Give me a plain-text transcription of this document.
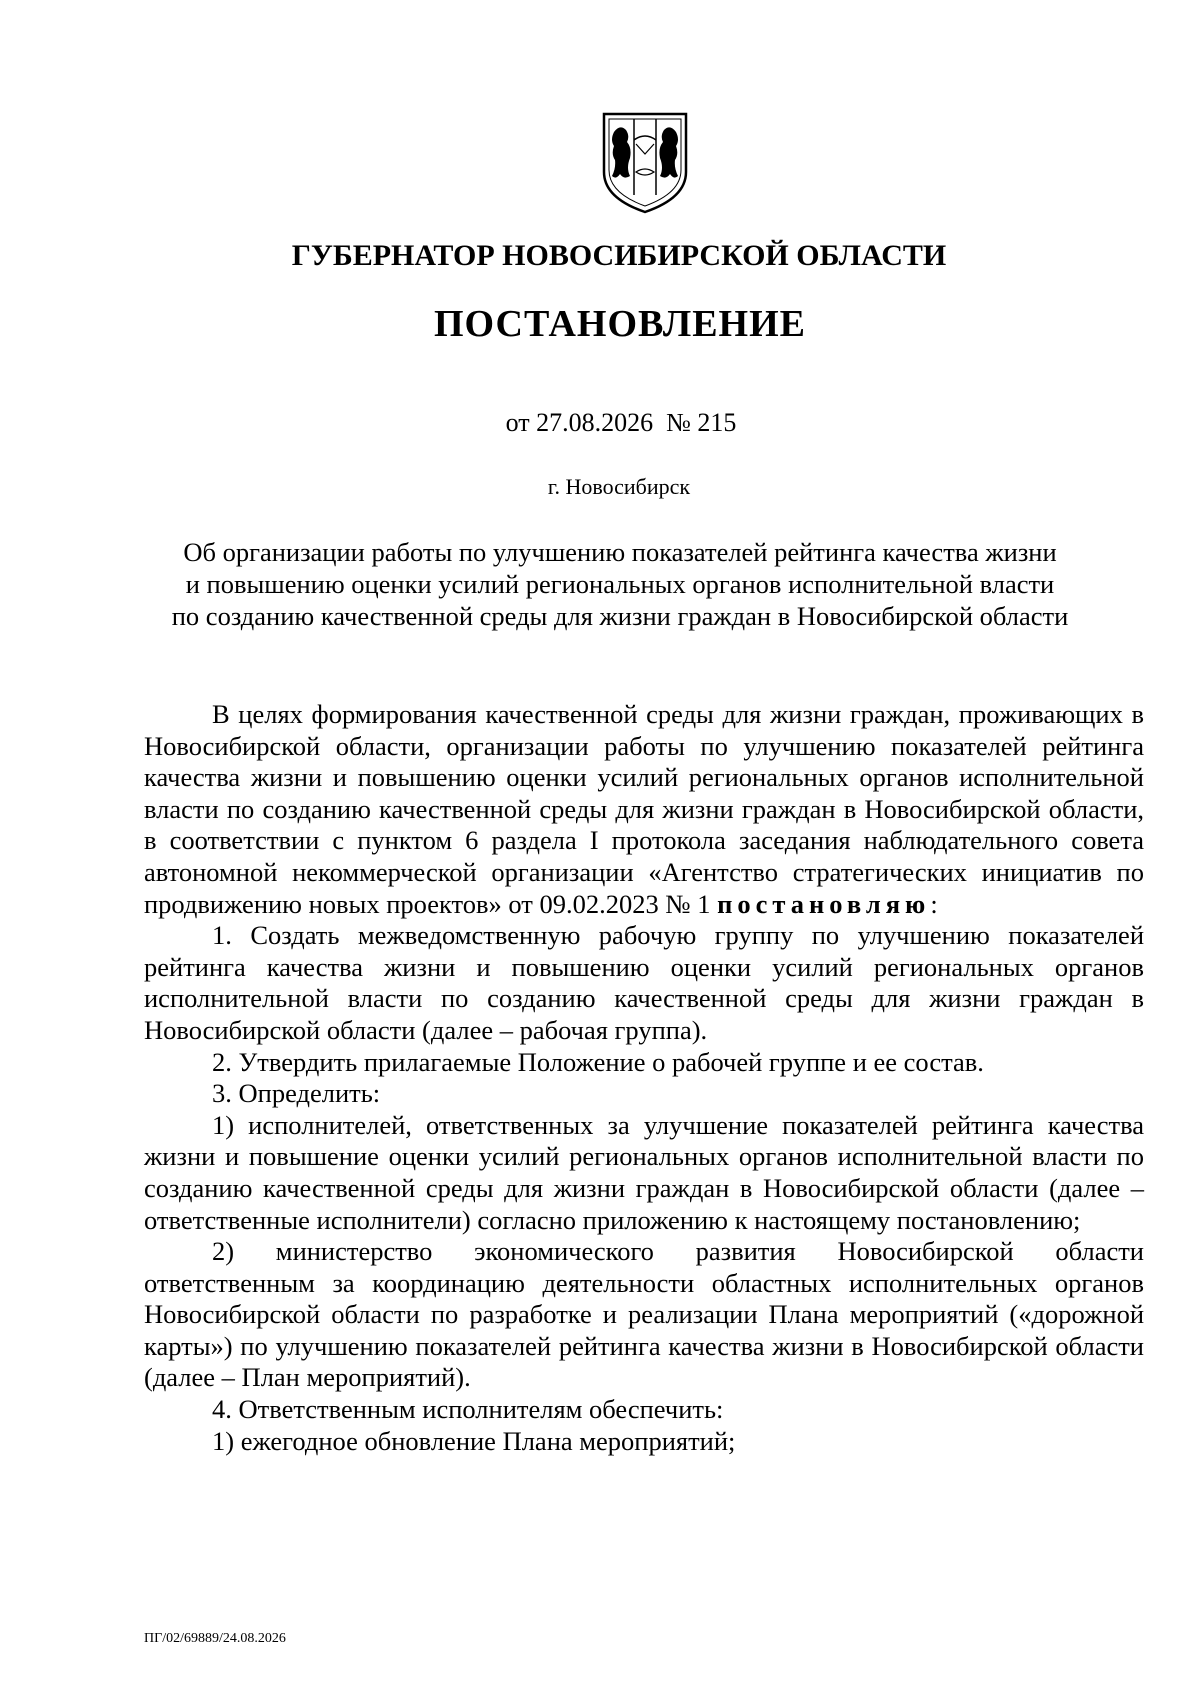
ГУБЕРНАТОР НОВОСИБИРСКОЙ ОБЛАСТИ
ПОСТАНОВЛЕНИЕ
от 27.08.2026 № 215
г. Новосибирск
Об организации работы по улучшению показателей рейтинга качества жизни
и повышению оценки усилий региональных органов исполнительной власти
по созданию качественной среды для жизни граждан в Новосибирской области

В целях формирования качественной среды для жизни граждан, проживающих в Новосибирской области, организации работы по улучшению показателей рейтинга качества жизни и повышению оценки усилий региональных органов исполнительной власти по созданию качественной среды для жизни граждан в Новосибирской области, в соответствии с пунктом 6 раздела I протокола заседания наблюдательного совета автономной некоммерческой организации «Агентство стратегических инициатив по продвижению новых проектов» от 09.02.2023 № 1 постановляю:

1. Создать межведомственную рабочую группу по улучшению показателей рейтинга качества жизни и повышению оценки усилий региональных органов исполнительной власти по созданию качественной среды для жизни граждан в Новосибирской области (далее – рабочая группа).

2. Утвердить прилагаемые Положение о рабочей группе и ее состав.

3. Определить:

1) исполнителей, ответственных за улучшение показателей рейтинга качества жизни и повышение оценки усилий региональных органов исполнительной власти по созданию качественной среды для жизни граждан в Новосибирской области (далее – ответственные исполнители) согласно приложению к настоящему постановлению;

2) министерство экономического развития Новосибирской области ответственным за координацию деятельности областных исполнительных органов Новосибирской области по разработке и реализации Плана мероприятий («дорожной карты») по улучшению показателей рейтинга качества жизни в Новосибирской области (далее – План мероприятий).

4. Ответственным исполнителям обеспечить:

1) ежегодное обновление Плана мероприятий;

ПГ/02/69889/24.08.2026
